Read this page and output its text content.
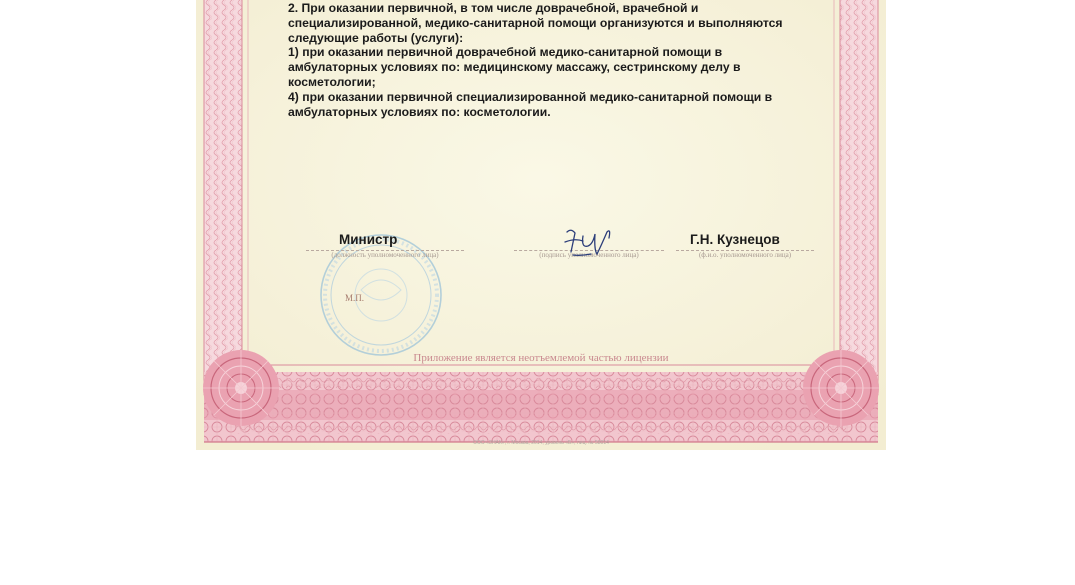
2. При оказании первичной, в том числе доврачебной, врачебной и
специализированной, медико-санитарной помощи организуются и выполняются
следующие работы (услуги):
1) при оказании первичной доврачебной медико-санитарной помощи в
амбулаторных условиях по: медицинскому массажу, сестринскому делу в
косметологии;
4) при оказании первичной специализированной медико-санитарной помощи в
амбулаторных условиях по: косметологии.
М.П.
Министр
(должность уполномоченного лица)	(подпись уполномоченного лица)
Г.Н. Кузнецов
(ф.и.о. уполномоченного лица)
Приложение является неотъемлемой частью лицензии
ООО «ЗНАК», г. Москва, 2014, уровень «Б», лиц. № 58014
